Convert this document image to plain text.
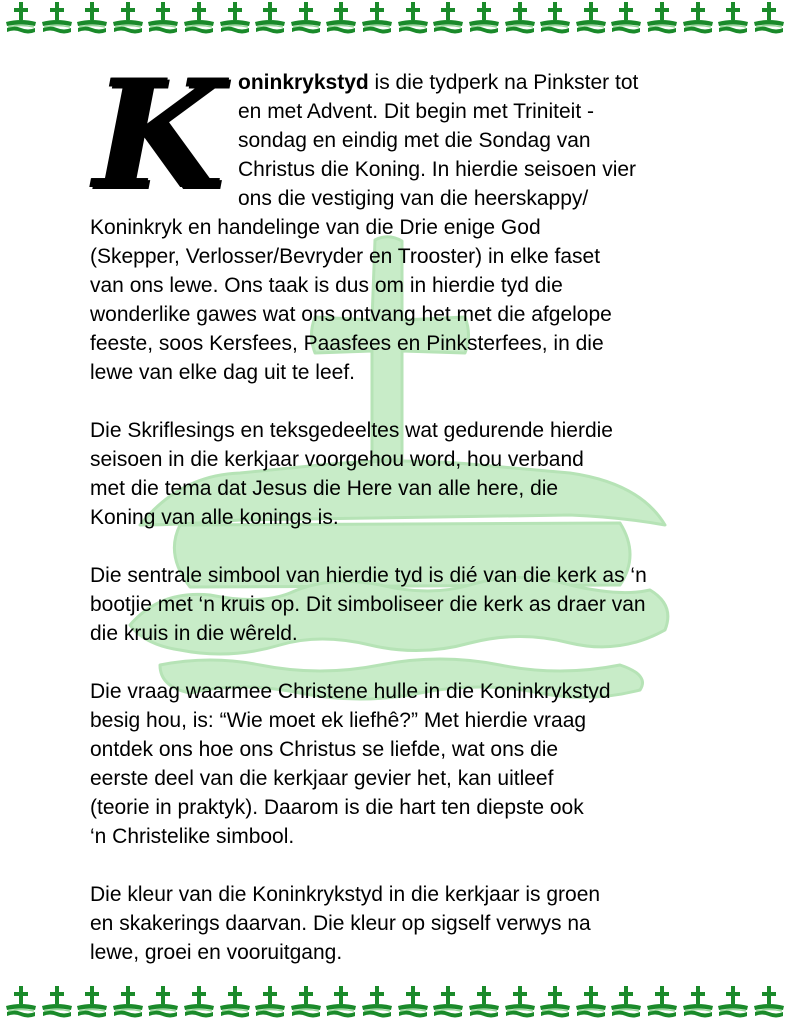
K oninkrykstyd is die tydperk na Pinkster tot
en met Advent. Dit begin met Triniteit -
sondag en eindig met die Sondag van
Christus die Koning. In hierdie seisoen vier
ons die vestiging van die heerskappy/
Koninkryk en handelinge van die Drie enige God
(Skepper, Verlosser/Bevryder en Trooster) in elke faset
van ons lewe. Ons taak is dus om in hierdie tyd die
wonderlike gawes wat ons ontvang het met die afgelope
feeste, soos Kersfees, Paasfees en Pinksterfees, in die
lewe van elke dag uit te leef.

Die Skriflesings en teksgedeeltes wat gedurende hierdie
seisoen in die kerkjaar voorgehou word, hou verband
met die tema dat Jesus die Here van alle here, die
Koning van alle konings is.

Die sentrale simbool van hierdie tyd is dié van die kerk as ‘n
bootjie met ‘n kruis op. Dit simboliseer die kerk as draer van
die kruis in die wêreld.

Die vraag waarmee Christene hulle in die Koninkrykstyd
besig hou, is: “Wie moet ek liefhê?” Met hierdie vraag
ontdek ons hoe ons Christus se liefde, wat ons die
eerste deel van die kerkjaar gevier het, kan uitleef
(teorie in praktyk). Daarom is die hart ten diepste ook
‘n Christelike simbool.

Die kleur van die Koninkrykstyd in die kerkjaar is groen
en skakerings daarvan. Die kleur op sigself verwys na
lewe, groei en vooruitgang.
